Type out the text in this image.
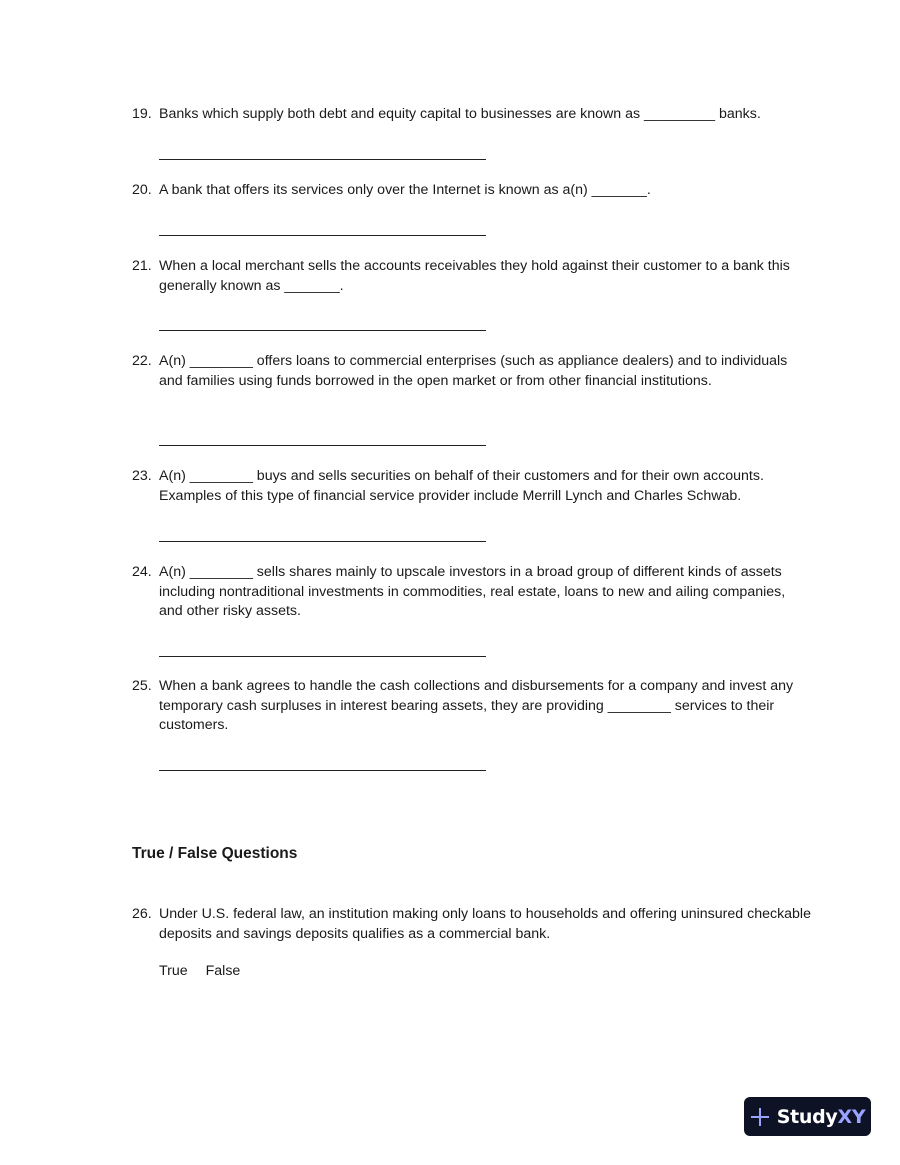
19. Banks which supply both debt and equity capital to businesses are known as _________ banks.
20. A bank that offers its services only over the Internet is known as a(n) _______.
21. When a local merchant sells the accounts receivables they hold against their customer to a bank this generally known as _______.
22. A(n) ________ offers loans to commercial enterprises (such as appliance dealers) and to individuals and families using funds borrowed in the open market or from other financial institutions.
23. A(n) ________ buys and sells securities on behalf of their customers and for their own accounts. Examples of this type of financial service provider include Merrill Lynch and Charles Schwab.
24. A(n) ________ sells shares mainly to upscale investors in a broad group of different kinds of assets including nontraditional investments in commodities, real estate, loans to new and ailing companies, and other risky assets.
25. When a bank agrees to handle the cash collections and disbursements for a company and invest any temporary cash surpluses in interest bearing assets, they are providing ________ services to their customers.
True / False Questions
26. Under U.S. federal law, an institution making only loans to households and offering uninsured checkable deposits and savings deposits qualifies as a commercial bank.
True False
StudyXY
